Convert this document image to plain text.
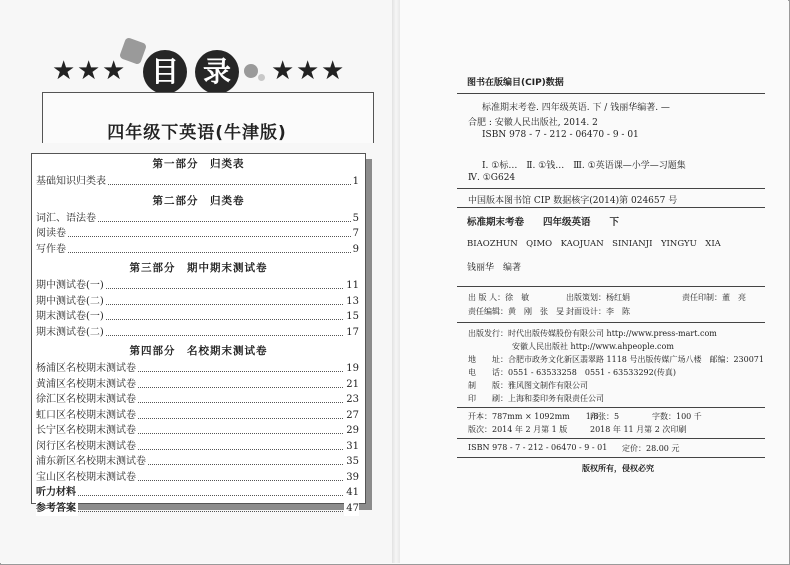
★ ★ ★ 目 录	★ ★ ★
四年级下英语(牛津版)
第一部分　归类表
基础知识归类表	1
第二部分　归类卷
词汇、语法卷	5
阅读卷	7
写作卷	9
第三部分　期中期末测试卷
期中测试卷(一)	11
期中测试卷(二)	13
期末测试卷(一)	15
期末测试卷(二)	17
第四部分　名校期末测试卷
杨浦区名校期末测试卷	19
黄浦区名校期末测试卷	21
徐汇区名校期末测试卷	23
虹口区名校期末测试卷	27
长宁区名校期末测试卷	29
闵行区名校期末测试卷	31
浦东新区名校期末测试卷	35
宝山区名校期末测试卷	39
听力材料	41
参考答案	47
图书在版编目(CIP)数据
标准期末考卷. 四年级英语. 下 / 钱丽华编著. —
合肥 : 安徽人民出版社, 2014. 2
ISBN 978 - 7 - 212 - 06470 - 9 - 01
Ⅰ. ①标…　Ⅱ. ①钱…　Ⅲ. ①英语课—小学—习题集
Ⅳ. ①G624
中国版本图书馆 CIP 数据核字(2014)第 024657 号
标准期末考卷　　四年级英语　　下
BIAOZHUN　QIMO　KAOJUAN　SINIANJI　YINGYU　XIA
钱丽华　编著
出 版 人：徐　敏	出版策划：杨红娟	责任印制：董　亮
责任编辑：黄　刚　张　旻 封面设计：李　陈
出版发行：时代出版传媒股份有限公司 http://www.press-mart.com
安徽人民出版社 http://www.ahpeople.com
地　　址：合肥市政务文化新区翡翠路 1118 号出版传媒广场八楼　邮编：230071
电　　话：0551 - 63533258　0551 - 63533292(传真)
制　　版：雅风图文制作有限公司
印　　刷：上海和娄印务有限责任公司
开本：787mm × 1092mm　　1/8
印张：5	字数：100 千
版次：2014 年 2 月第 1 版	2018 年 11 月第 2 次印刷
ISBN 978 - 7 - 212 - 06470 - 9 - 01 定价：28.00 元
版权所有，侵权必究
